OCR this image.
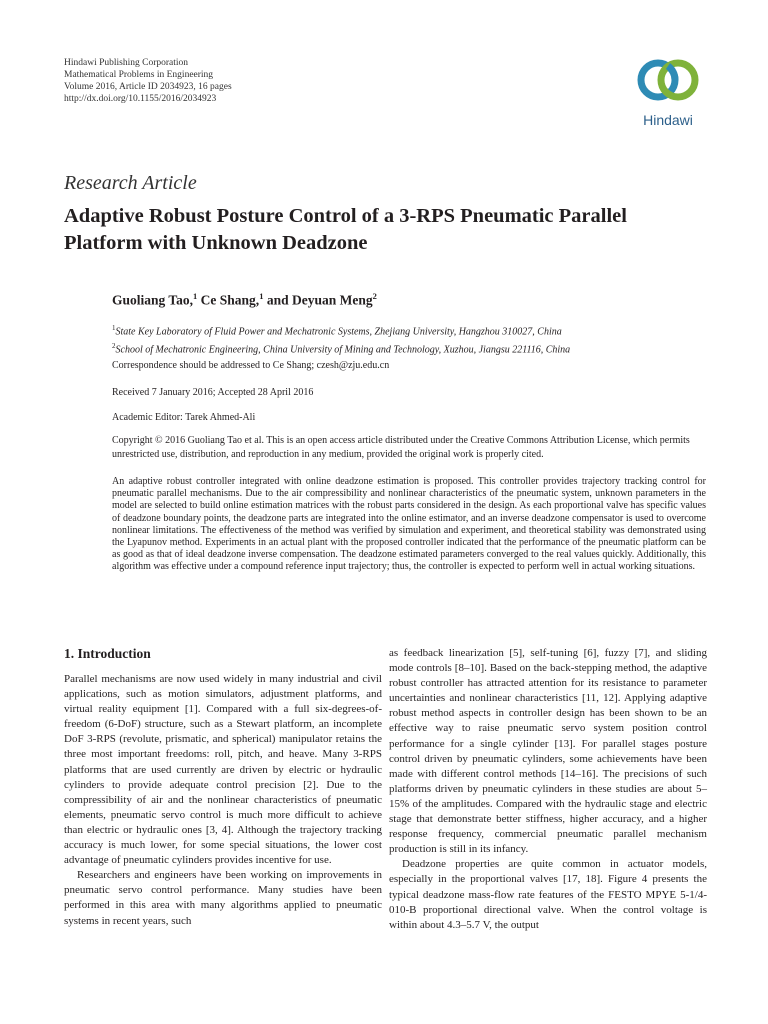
Hindawi Publishing Corporation
Mathematical Problems in Engineering
Volume 2016, Article ID 2034923, 16 pages
http://dx.doi.org/10.1155/2016/2034923
Hindawi
Research Article
Adaptive Robust Posture Control of a 3-RPS Pneumatic Parallel Platform with Unknown Deadzone
Guoliang Tao,$^1$ Ce Shang,$^1$ and Deyuan Meng$^2$
$^1$State Key Laboratory of Fluid Power and Mechatronic Systems, Zhejiang University, Hangzhou 310027, China
$^2$School of Mechatronic Engineering, China University of Mining and Technology, Xuzhou, Jiangsu 221116, China
Correspondence should be addressed to Ce Shang; czesh@zju.edu.cn
Received 7 January 2016; Accepted 28 April 2016
Academic Editor: Tarek Ahmed-Ali
Copyright © 2016 Guoliang Tao et al. This is an open access article distributed under the Creative Commons Attribution License, which permits unrestricted use, distribution, and reproduction in any medium, provided the original work is properly cited.
An adaptive robust controller integrated with online deadzone estimation is proposed. This controller provides trajectory tracking control for pneumatic parallel mechanisms. Due to the air compressibility and nonlinear characteristics of the pneumatic system, unknown parameters in the model are selected to build online estimation matrices with the robust parts considered in the design. As each proportional valve has specific values of deadzone boundary points, the deadzone parts are integrated into the online estimator, and an inverse deadzone compensator is used to overcome nonlinear limitations. The effectiveness of the method was verified by simulation and experiment, and theoretical stability was demonstrated using the Lyapunov method. Experiments in an actual plant with the proposed controller indicated that the performance of the pneumatic platform can be as good as that of ideal deadzone inverse compensation. The deadzone estimated parameters converged to the real values quickly. Additionally, this algorithm was effective under a compound reference input trajectory; thus, the controller is expected to perform well in actual working situations.
1. Introduction

Parallel mechanisms are now used widely in many industrial and civil applications, such as motion simulators, adjustment platforms, and virtual reality equipment [1]. Compared with a full six-degrees-of-freedom (6-DoF) structure, such as a Stewart platform, an incomplete DoF 3-RPS (revolute, prismatic, and spherical) manipulator retains the three most important freedoms: roll, pitch, and heave. Many 3-RPS platforms that are used currently are driven by electric or hydraulic cylinders to provide adequate control precision [2]. Due to the compressibility of air and the nonlinear characteristics of pneumatic elements, pneumatic servo control is much more difficult to achieve than electric or hydraulic ones [3, 4]. Although the trajectory tracking accuracy is much lower, for some special situations, the lower cost advantage of pneumatic cylinders provides incentive for use.

Researchers and engineers have been working on improvements in pneumatic servo control performance. Many studies have been performed in this area with many algorithms applied to pneumatic systems in recent years, such

as feedback linearization [5], self-tuning [6], fuzzy [7], and sliding mode controls [8–10]. Based on the back-stepping method, the adaptive robust controller has attracted attention for its resistance to parameter uncertainties and nonlinear characteristics [11, 12]. Applying adaptive robust method aspects in controller design has been shown to be an effective way to raise pneumatic servo system position control performance for a single cylinder [13]. For parallel stages posture control driven by pneumatic cylinders, some achievements have been made with different control methods [14–16]. The precisions of such platforms driven by pneumatic cylinders in these studies are about 5–15% of the amplitudes. Compared with the hydraulic stage and electric stage that demonstrate better stiffness, higher accuracy, and a higher response frequency, commercial pneumatic parallel mechanism production is still in its infancy.

Deadzone properties are quite common in actuator models, especially in the proportional valves [17, 18]. Figure 4 presents the typical deadzone mass-flow rate features of the FESTO MPYE 5-1/4-010-B proportional directional valve. When the control voltage is within about 4.3–5.7 V, the output
